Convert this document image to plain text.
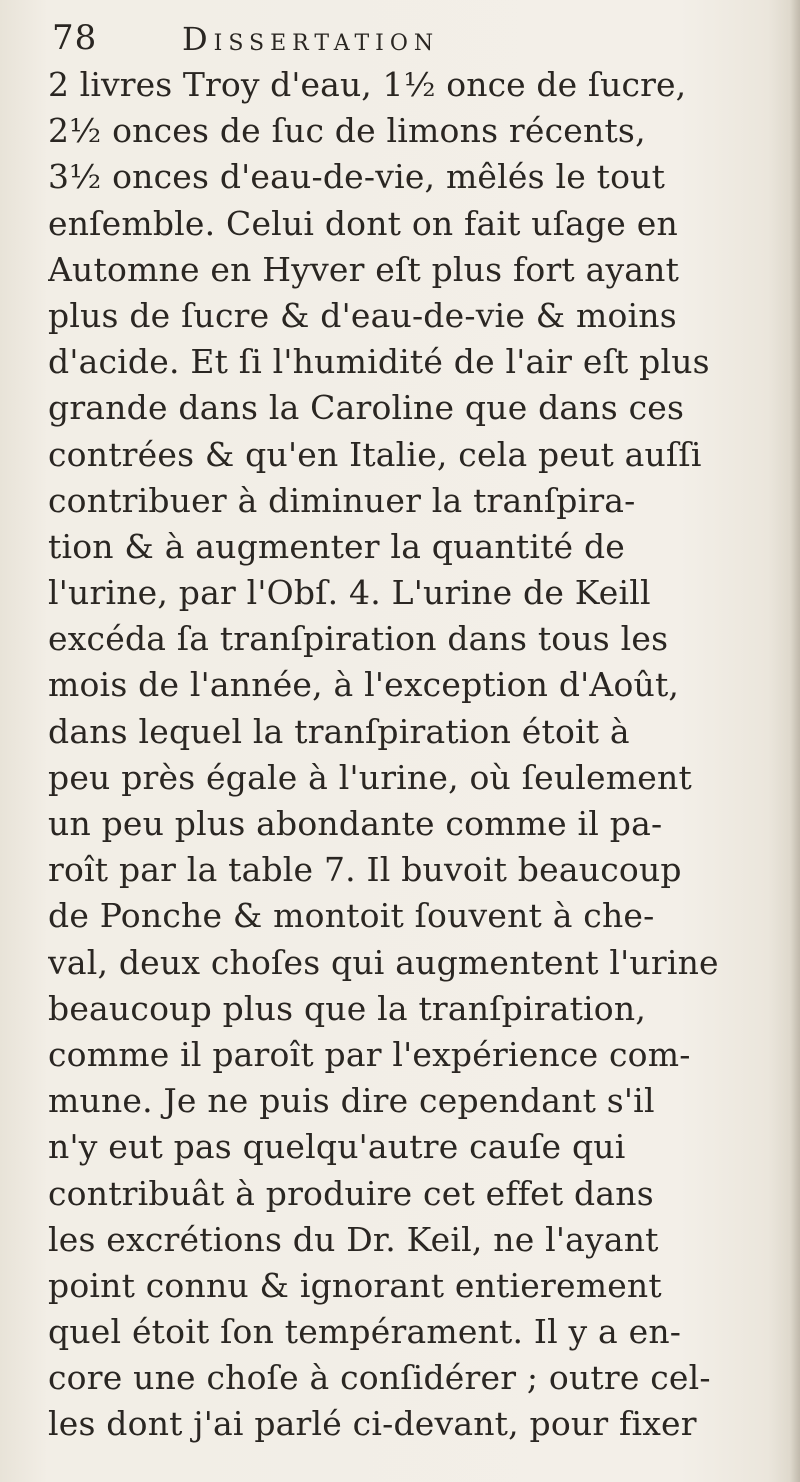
78	Dissertation
2 livres Troy d'eau, 1½ once de ſucre,
2½ onces de ſuc de limons récents,
3½ onces d'eau-de-vie, mêlés le tout
enſemble. Celui dont on fait uſage en
Automne en Hyver eſt plus fort ayant
plus de ſucre & d'eau-de-vie & moins
d'acide. Et ſi l'humidité de l'air eſt plus
grande dans la Caroline que dans ces
contrées & qu'en Italie, cela peut auſſi
contribuer à diminuer la tranſpira-
tion & à augmenter la quantité de
l'urine, par l'Obſ. 4. L'urine de Keill
excéda ſa tranſpiration dans tous les
mois de l'année, à l'exception d'Août,
dans lequel la tranſpiration étoit à
peu près égale à l'urine, où ſeulement
un peu plus abondante comme il pa-
roît par la table 7. Il buvoit beaucoup
de Ponche & montoit ſouvent à che-
val, deux choſes qui augmentent l'urine
beaucoup plus que la tranſpiration,
comme il paroît par l'expérience com-
mune. Je ne puis dire cependant s'il
n'y eut pas quelqu'autre cauſe qui
contribuât à produire cet effet dans
les excrétions du Dr. Keil, ne l'ayant
point connu & ignorant entierement
quel étoit ſon tempérament. Il y a en-
core une choſe à conſidérer ; outre cel-
les dont j'ai parlé ci-devant, pour fixer
